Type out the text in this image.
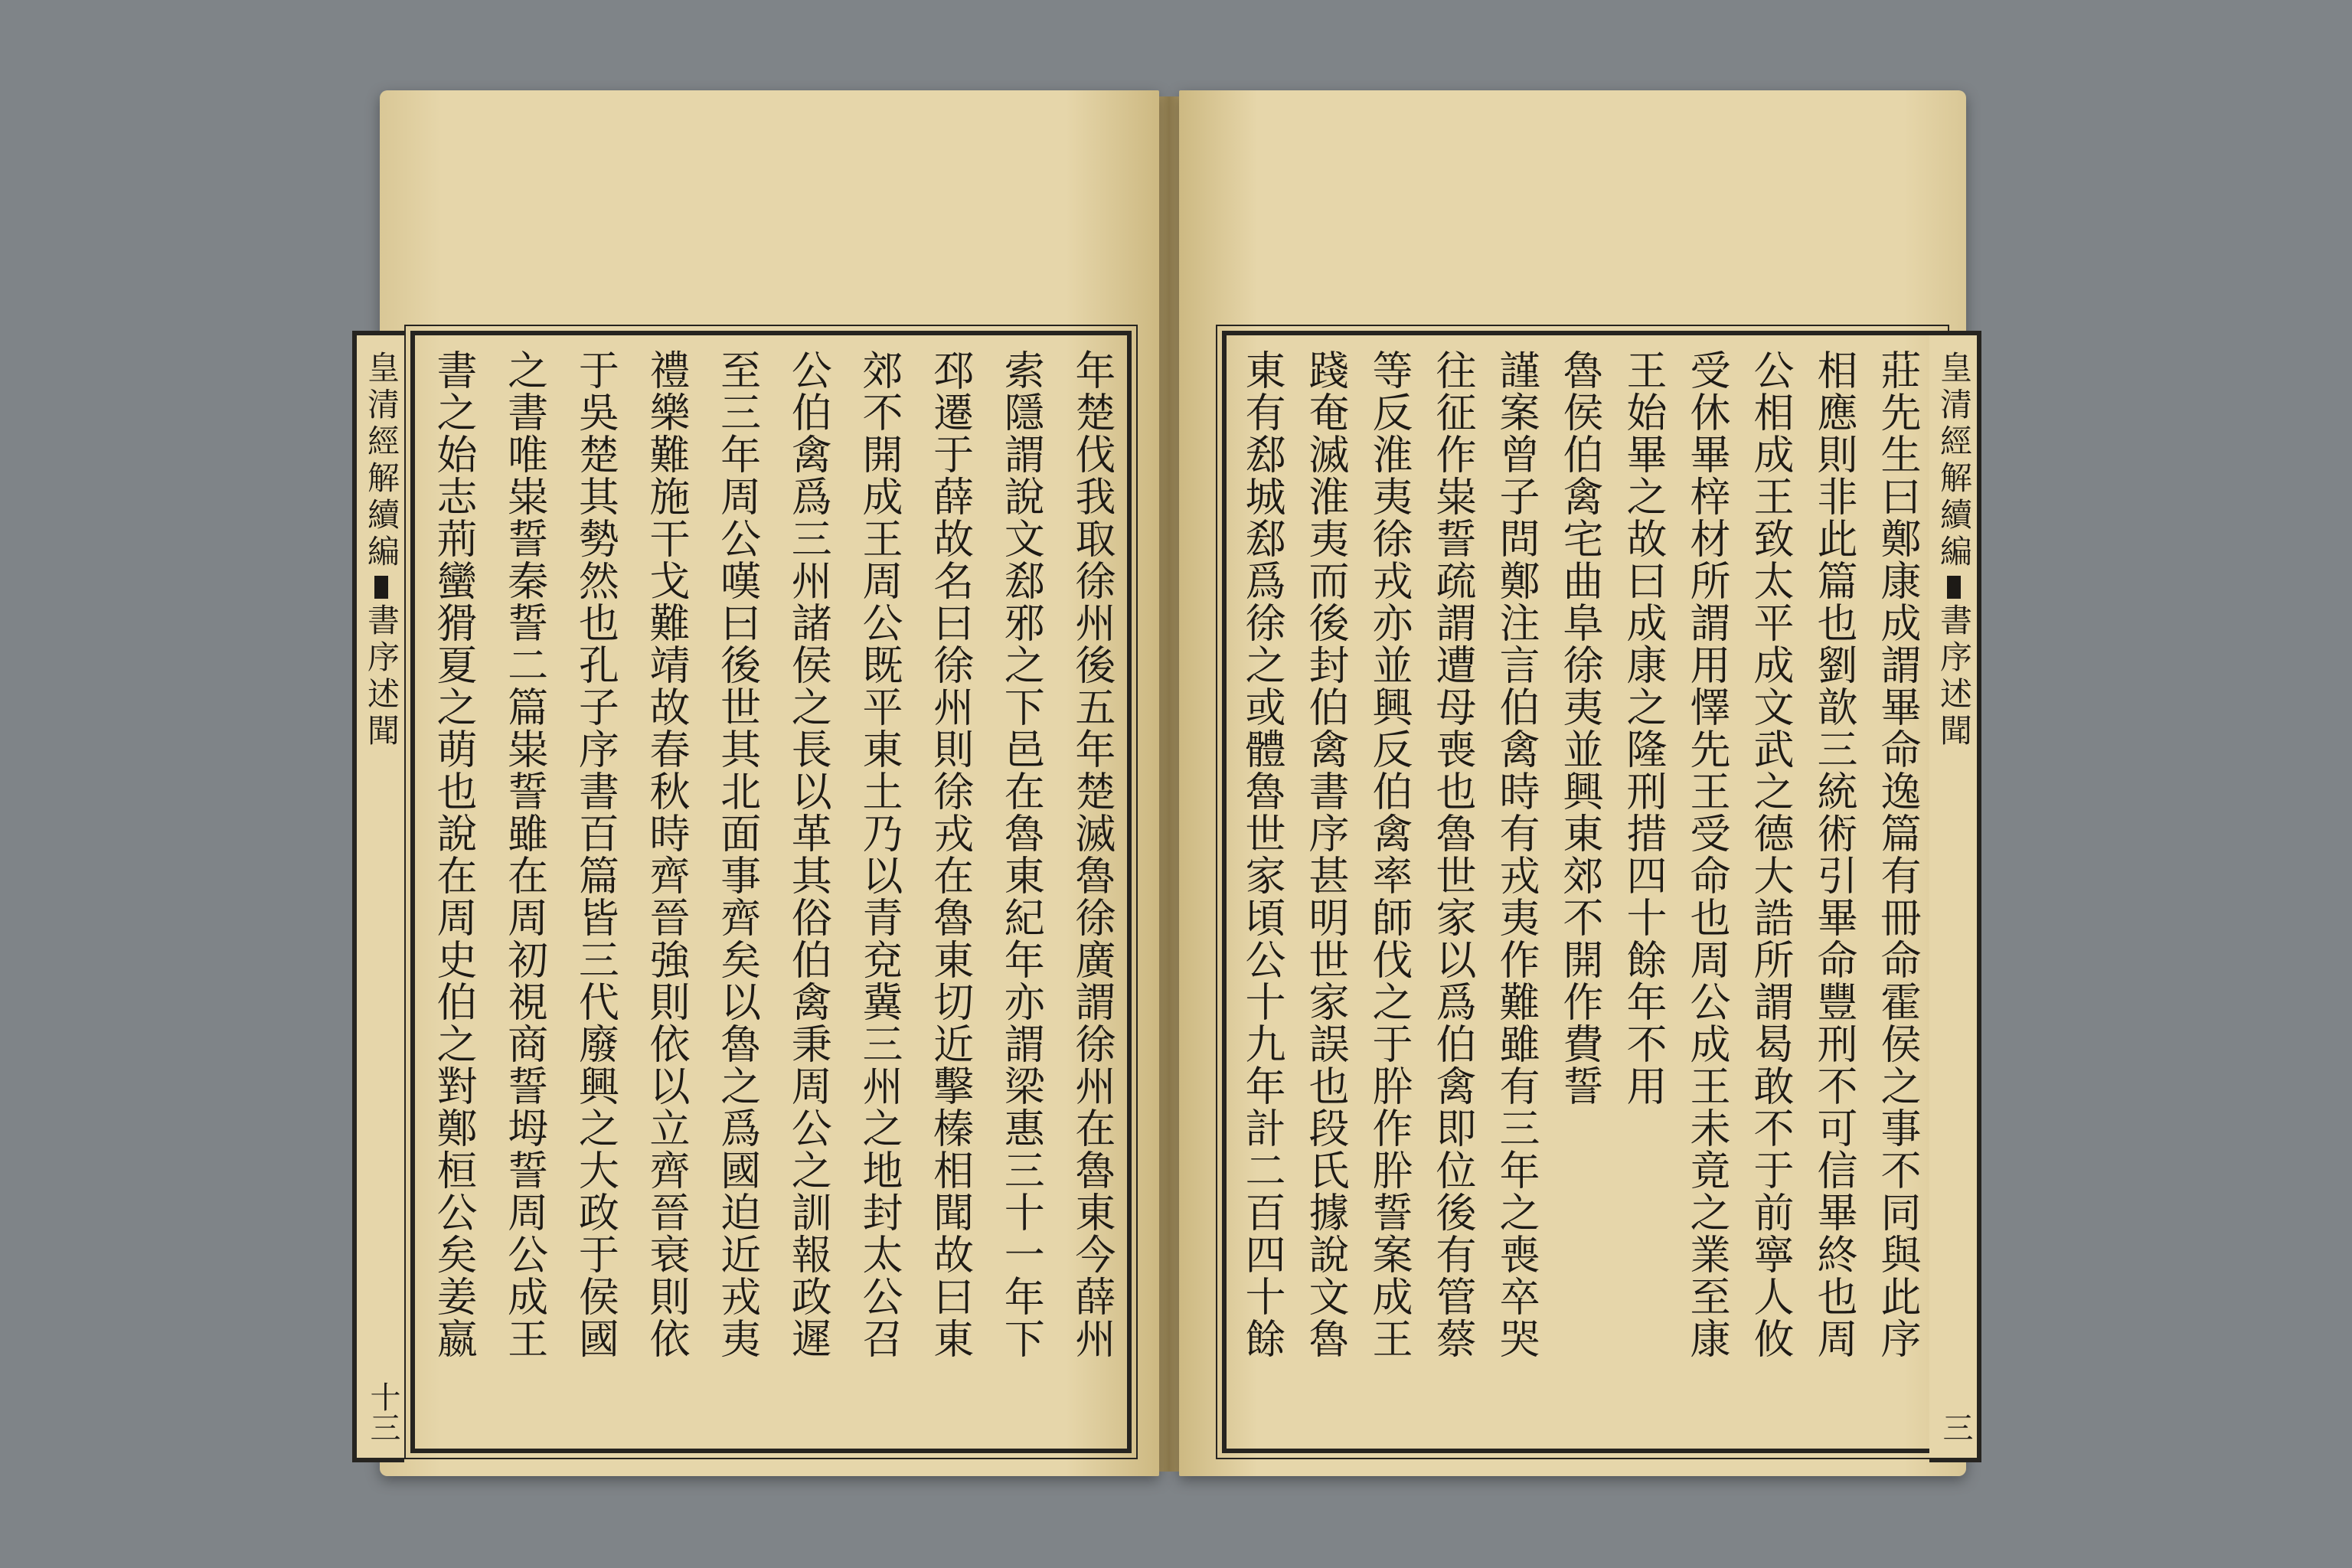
皇清經解續編書序述聞
十三
年楚伐我取徐州後五年楚滅魯徐廣謂徐州在魯東今薛州
索隱謂說文郄邪之下邑在魯東紀年亦謂梁惠三十一年下
邳遷于薛故名曰徐州則徐戎在魯東切近擊榛相聞故曰東
郊不開成王周公既平東土乃以青兗冀三州之地封太公召
公伯禽爲三州諸侯之長以革其俗伯禽秉周公之訓報政遲
至三年周公嘆曰後世其北面事齊矣以魯之爲國迫近戎夷
禮樂難施干戈難靖故春秋時齊晉強則依以立齊晉衰則依
于吳楚其勢然也孔子序書百篇皆三代廢興之大政于侯國
之書唯粜誓秦誓二篇粜誓雖在周初視商誓坶誓周公成王
書之始志荊蠻猾夏之萌也說在周史伯之對鄭桓公矣姜嬴	莊先生曰鄭康成謂畢命逸篇有冊命霍侯之事不同與此序
相應則非此篇也劉歆三統術引畢命豐刑不可信畢終也周
公相成王致太平成文武之德大誥所謂曷敢不于前寧人攸
受休畢梓材所謂用懌先王受命也周公成王未竟之業至康
王始畢之故曰成康之隆刑措四十餘年不用
魯侯伯禽宅曲阜徐夷並興東郊不開作費誓
謹案曾子問鄭注言伯禽時有戎夷作難雖有三年之喪卒哭
往征作粜誓疏謂遭母喪也魯世家以爲伯禽即位後有管蔡
等反淮夷徐戎亦並興反伯禽率師伐之于肸作肸誓案成王
踐奄滅淮夷而後封伯禽書序甚明世家誤也段氏據說文魯
東有郄城郄爲徐之或體魯世家頃公十九年計二百四十餘	皇清經解續編書序述聞
三
